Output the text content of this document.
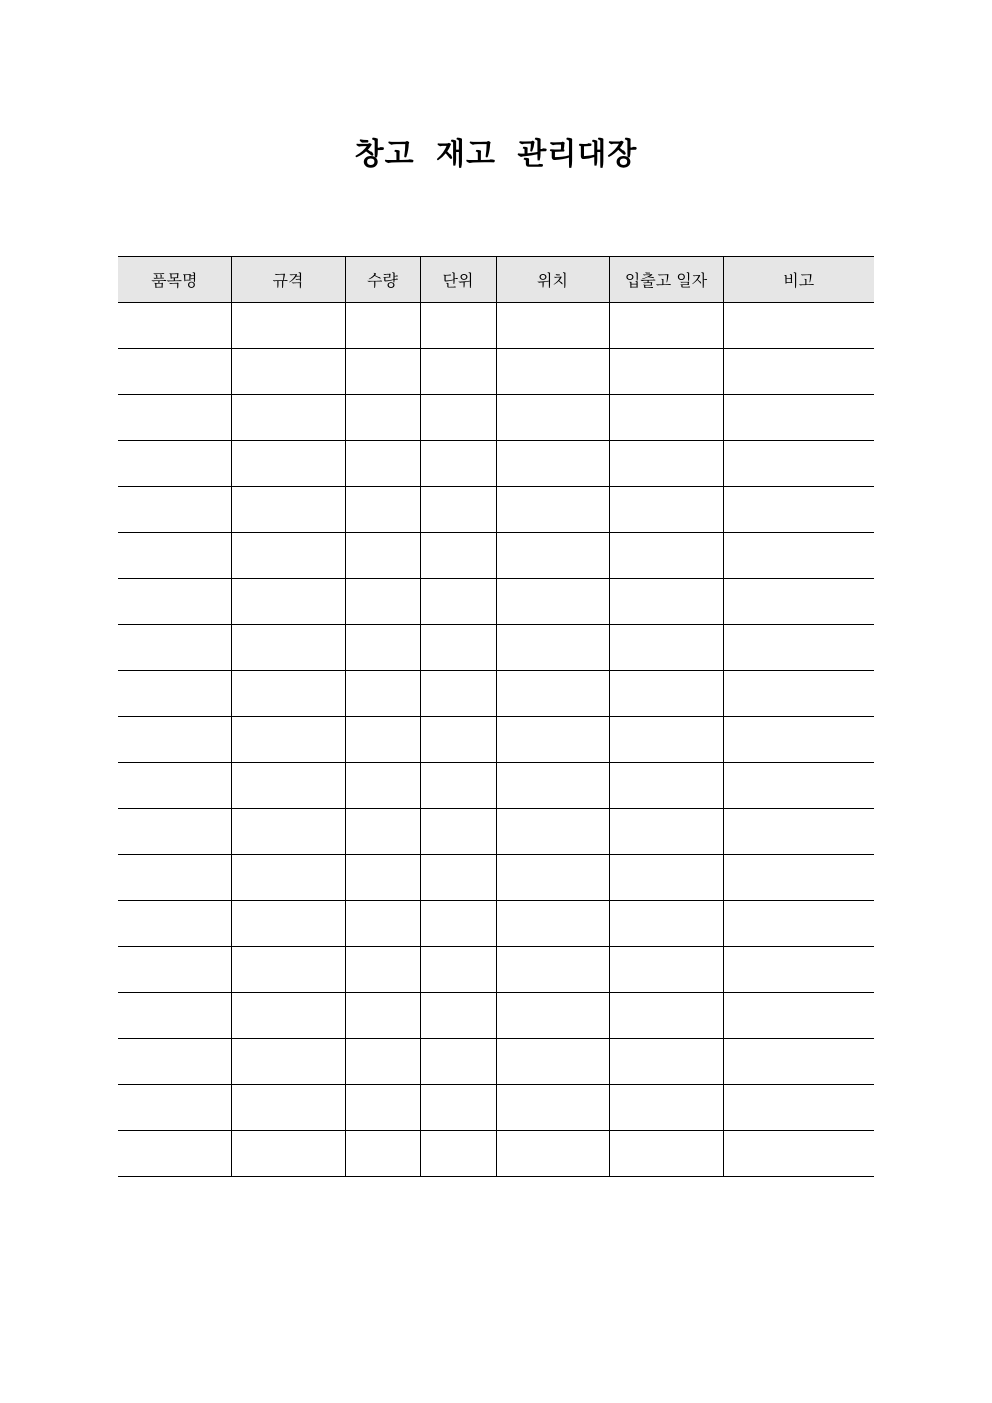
창고 재고 관리대장
품목명	규격	수량	단위	위치	입출고 일자	비고
